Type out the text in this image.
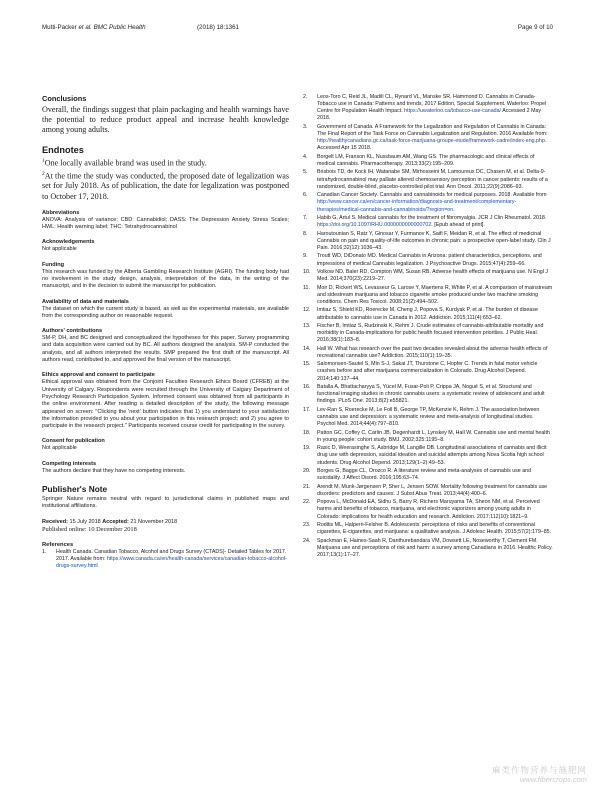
Mutti-Packer et al. BMC Public Health	(2018) 18:1361	Page 9 of 10
Conclusions

Overall, the findings suggest that plain packaging and health warnings have the potential to reduce product appeal and increase health knowledge among young adults.

Endnotes

$^1$One locally available brand was used in the study.

$^2$At the time the study was conducted, the proposed date of legalization was set for July 2018. As of publication, the date for legalization was postponed to October 17, 2018.

Abbreviations

ANOVA: Analysis of variance; CBD: Cannabidiol; DASS: The Depression Anxiety Stress Scales; HWL: Health warning label; THC: Tetrahydrocannabinol

Acknowledgements

Not applicable

Funding

This research was funded by the Alberta Gambling Research Institute (AGRI). The funding body had no involvement in the study design, analysis, interpretation of the data, in the writing of the manuscript, and in the decision to submit the manuscript for publication.

Availability of data and materials

The dataset on which the current study is based, as well as the experimental materials, are available from the corresponding author on reasonable request.

Authors' contributions

SM-P, DH, and BC designed and conceptualized the hypotheses for this paper. Survey programming and data acquisition were carried out by BC. All authors designed the analysis. SM-P conducted the analysis, and all authors interpreted the results. SMP prepared the first draft of the manuscript. All authors read, contributed to, and approved the final version of the manuscript.

Ethics approval and consent to participate

Ethical approval was obtained from the Conjoint Faculties Research Ethics Board (CFREB) at the University of Calgary. Respondents were recruited through the University of Calgary Department of Psychology Research Participation System. Informed consent was obtained from all participants in the online environment. After reading a detailed description of the study, the following message appeared on screen: "Clicking the 'next' button indicates that 1) you understand to your satisfaction the information provided to you about your participation in this research project; and 2) you agree to participate in the research project." Participants received course credit for participating in the survey.

Consent for publication

Not applicable

Competing interests

The authors declare that they have no competing interests.

Publisher's Note

Springer Nature remains neutral with regard to jurisdictional claims in published maps and institutional affiliations.

Received: 15 July 2018 Accepted: 21 November 2018

Published online: 10 December 2018

References
1.	Health Canada. Canadian Tobacco, Alcohol and Drugs Survey (CTADS)- Detailed Tables for 2017. 2017. Available from: https://www.canada.ca/en/health-canada/services/canadian-tobacco-alcohol-drugs-survey.html
2.	Leos-Toro C, Reid JL, Madill CL, Rynard VL, Manske SR, Hammond D. Cannabis in Canada-Tobacco use in Canada: Patterns and trends, 2017 Edition, Special Supplement. Waterloo: Propel Centre for Population Health Impact. https://uwaterloo.ca/tobacco-use-canada/ Accessed 2 May 2018.
3.	Government of Canada. A Framework for the Legalization and Regulation of Cannabis in Canada: The Final Report of the Task Force on Cannabis Legalization and Regulation. 2016 Available from: http://healthycanadians.gc.ca/task-force-marijuana-groupe-etude/framework-cadre/index-eng.php. Accessed Apr 15 2018.
4.	Borgelt LM, Franson KL, Nussbaum AM, Wang GS. The pharmacologic and clinical effects of medical cannabis. Pharmacotherapy. 2013;33(2):195–209.
5.	Brisbois TD, de Kock IH, Watanabe SM, Mirhosseini M, Lamoureux DC, Chasen M, et al. Delta-9-tetrahydrocannabinol may palliate altered chemosensory perception in cancer patients: results of a randomized, double-blind, placebo-controlled pilot trial. Ann Oncol. 2011;22(9):2086–93.
6.	Canadian Cancer Society. Cannabis and cannabinoids for medical purposes. 2018. Available from http://www.cancer.ca/en/cancer-information/diagnosis-and-treatment/complementary-therapies/medical-cannabis-and-cannabinoids/?region=on.
7.	Habib G, Artul S. Medical cannabis for the treatment of fibromyalgia. JCR J Clin Rheumatol. 2018. https://doi.org/10.1097/RHU.0000000000000702. [Epub ahead of print].
8.	Haroutounian S, Ratz Y, Ginosar Y, Furmanov K, Saifi F, Meidan R, et al. The effect of medicinal Cannabis on pain and quality-of-life outcomes in chronic pain: a prospective open-label study. Clin J Pain. 2016;32(12):1036–43.
9.	Troutt WD, DiDonato MD. Medical Cannabis in Arizona: patient characteristics, perceptions, and impressions of medical Cannabis legalization. J Psychoactive Drugs. 2015;47(4):259–66.
10.	Volkow ND, Baler RD, Compton WM, Susan RB. Adverse health effects of marijuana use. N Engl J Med. 2014;370(23):2219–27.
11.	Moir D, Rickert WS, Levasseur G, Larose Y, Maertens R, White P, et al. A comparison of mainstream and sidestream marijuana and tobacco cigarette smoke produced under two machine smoking conditions. Chem Res Toxicol. 2008;21(2):494–502.
12.	Imtiaz S, Shield KD, Roerecke M, Cheng J, Popova S, Kurdyak P, et al. The burden of disease attributable to cannabis use in Canada in 2012. Addiction. 2015;111(4):653–62.
13.	Fischer B, Imtiaz S, Rudzinski K, Rehm J. Crude estimates of cannabis-attributable mortality and morbidity in Canada-implications for public health focused intervention priorities. J Public Heal. 2016;38(1):183–8.
14.	Hall W. What has research over the past two decades revealed about the adverse health effects of recreational cannabis use? Addiction. 2015;110(1):19–35.
15.	Salomonsen-Sautel S, Min S-J, Sakai JT, Thurstone C, Hopfer C. Trends in fatal motor vehicle crashes before and after marijuana commercialization in Colorado. Drug Alcohol Depend. 2014;140:137–44.
16.	Batalla A, Bhattacharyya S, Yücel M, Fusar-Poli P, Crippa JA, Nogué S, et al. Structural and functional imaging studies in chronic cannabis users: a systematic review of adolescent and adult findings. PLoS One. 2013;8(2):e55821.
17.	Lev-Ran S, Roerecke M, Le Foll B, George TP, McKenzie K, Rehm J. The association between cannabis use and depression: a systematic review and meta-analysis of longitudinal studies. Psychol Med. 2014;44(4):797–810.
18.	Patton GC, Coffey C, Carlin JB, Degenhardt L, Lynskey M, Hall W. Cannabis use and mental health in young people: cohort study. BMJ. 2002;325:1195–8.
19.	Rasic D, Weerasinghe S, Asbridge M, Langille DB. Longitudinal associations of cannabis and illicit drug use with depression, suicidal ideation and suicidal attempts among Nova Scotia high school students. Drug Alcohol Depend. 2013;129(1–2):49–53.
20.	Borges G, Bagge CL, Orozco R. A literature review and meta-analyses of cannabis use and suicidality. J Affect Disord. 2016;195:63–74.
21.	Arendt M, Munk-Jørgensen P, Sher L, Jensen SOW. Mortality following treatment for cannabis use disorders: predictors and causes. J Subst Abus Treat. 2013;44(4):400–6.
22.	Popova L, McDonald EA, Sidhu S, Barry R, Richers Maruyama TA, Sheon NM, et al. Perceived harms and benefits of tobacco, marijuana, and electronic vaporizers among young adults in Colorado: implications for health education and research. Addiction. 2017;112(10):1821–9.
23.	Roditis ML, Halpern-Felsher B. Adolescents' perceptions of risks and benefits of conventional cigarettes, E-cigarettes, and marijuana: a qualitative analysis. J Adolesc Health. 2015;57(2):179–85.
24.	Spackman E, Haines-Saah R, Danthurebandara VM, Dowsett LE, Noseworthy T, Clement FM. Marijuana use and perceptions of risk and harm: a survey among Canadians in 2016. Healthc Policy. 2017;13(1):17–27.
麻类作物营养与施肥网
www.fibercrops.com
